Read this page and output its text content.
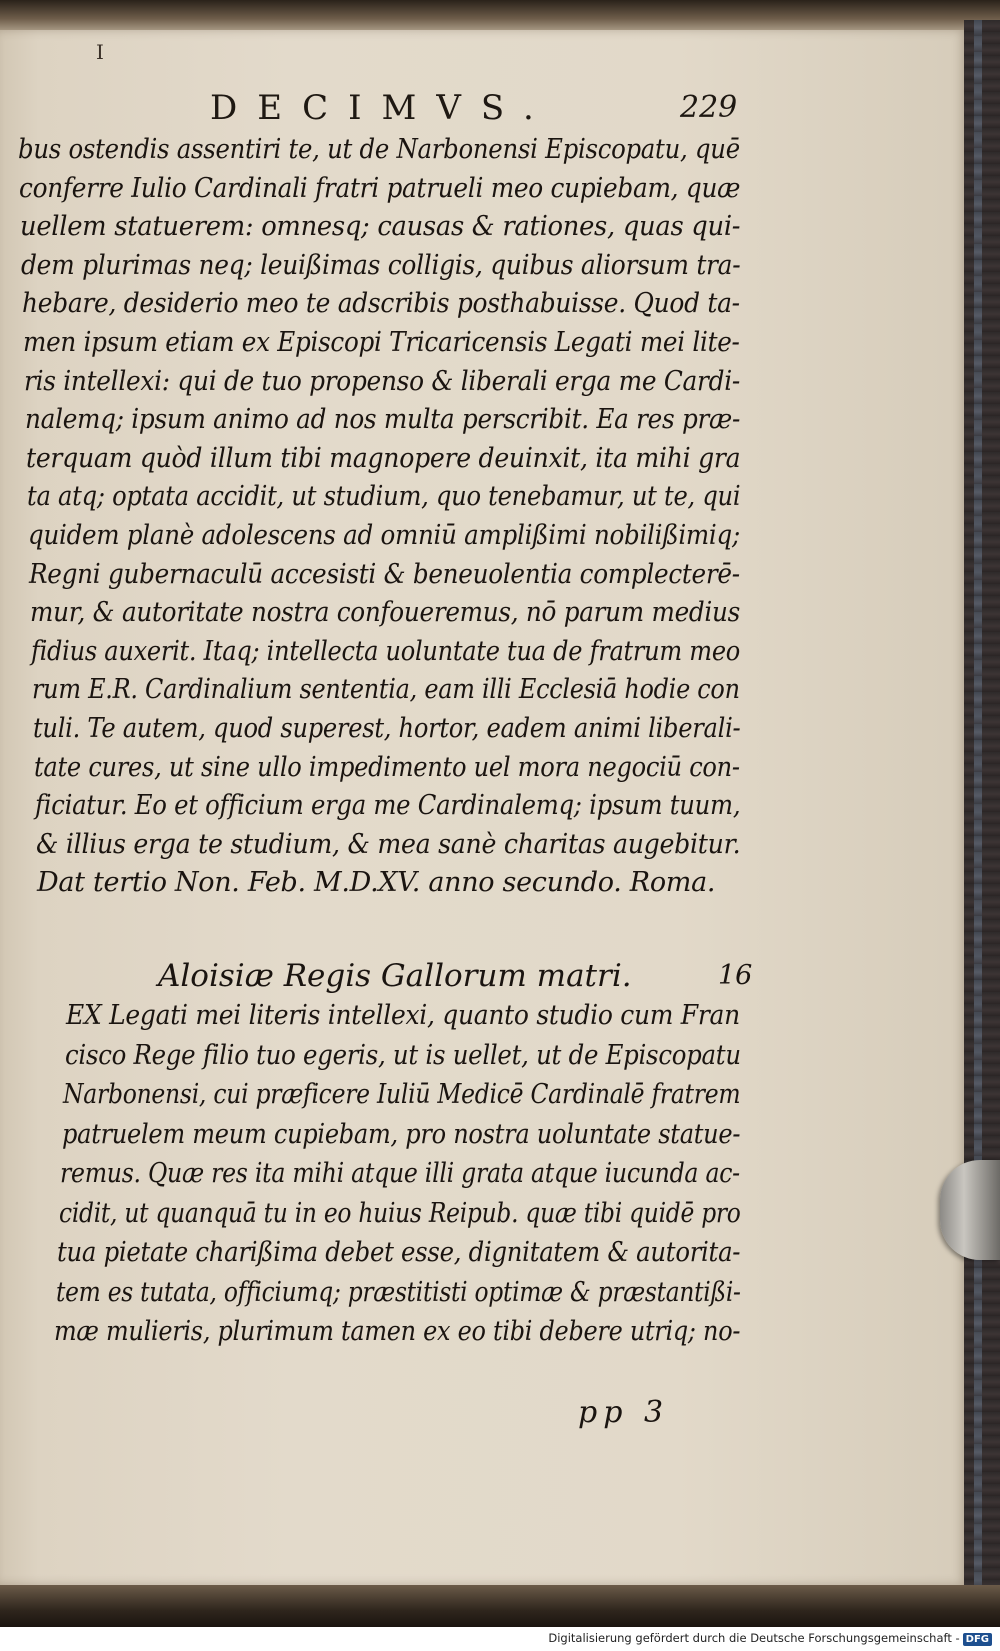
I
DECIMVS.	229
bus ostendis assentiri te, ut de Narbonensi Episcopatu, quē
conferre Iulio Cardinali fratri patrueli meo cupiebam, quæ
uellem statuerem: omnesq; causas & rationes, quas qui-
dem plurimas neq; leuißimas colligis, quibus aliorsum tra-
hebare, desiderio meo te adscribis posthabuisse. Quod ta-
men ipsum etiam ex Episcopi Tricaricensis Legati mei lite-
ris intellexi: qui de tuo propenso & liberali erga me Cardi-
nalemq; ipsum animo ad nos multa perscribit. Ea res præ-
terquam quòd illum tibi magnopere deuinxit, ita mihi gra
ta atq; optata accidit, ut studium, quo tenebamur, ut te, qui
quidem planè adolescens ad omniū amplißimi nobilißimiq;
Regni gubernaculū accesisti & beneuolentia complecterē-
mur, & autoritate nostra confoueremus, nō parum medius
fidius auxerit. Itaq; intellecta uoluntate tua de fratrum meo
rum E.R. Cardinalium sententia, eam illi Ecclesiā hodie con
tuli. Te autem, quod superest, hortor, eadem animi liberali-
tate cures, ut sine ullo impedimento uel mora negociū con-
ficiatur. Eo et officium erga me Cardinalemq; ipsum tuum,
& illius erga te studium, & mea sanè charitas augebitur.
Dat tertio Non. Feb. M.D.XV. anno secundo. Roma.
Aloisiæ Regis Gallorum matri.	16
EX Legati mei literis intellexi, quanto studio cum Fran
cisco Rege filio tuo egeris, ut is uellet, ut de Episcopatu
Narbonensi, cui præficere Iuliū Medicē Cardinalē fratrem
patruelem meum cupiebam, pro nostra uoluntate statue-
remus. Quæ res ita mihi atque illi grata atque iucunda ac-
cidit, ut quanquā tu in eo huius Reipub. quæ tibi quidē pro
tua pietate charißima debet esse, dignitatem & autorita-
tem es tutata, officiumq; præstitisti optimæ & præstantißi-
mæ mulieris, plurimum tamen ex eo tibi debere utriq; no-
pp 3
Digitalisierung gefördert durch die Deutsche Forschungsgemeinschaft - DFG
